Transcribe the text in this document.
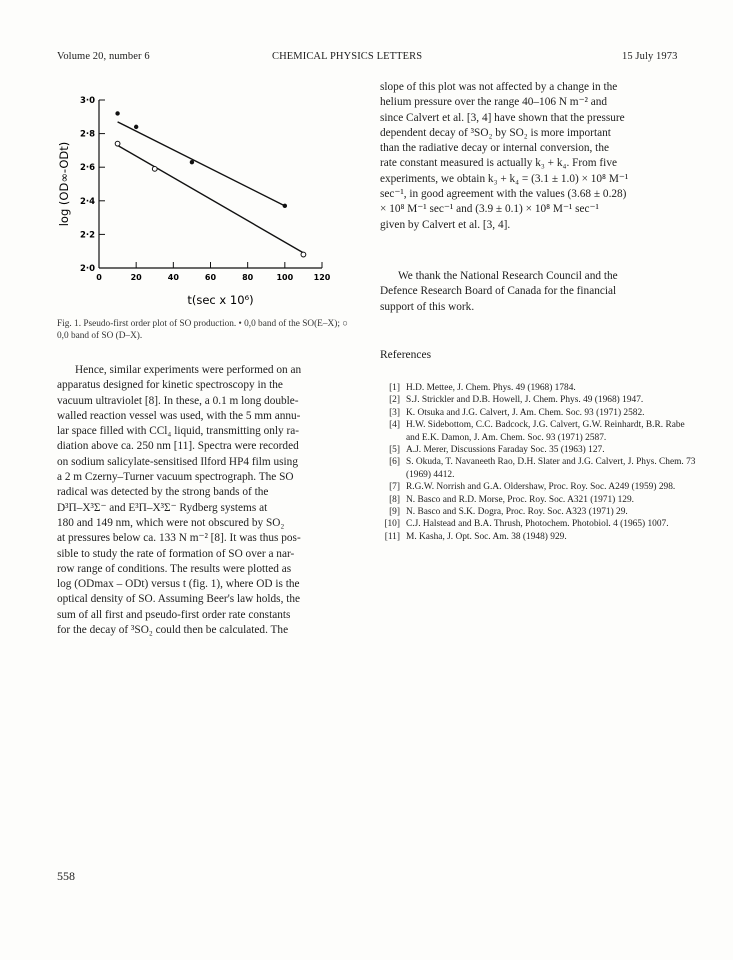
Volume 20, number 6	CHEMICAL PHYSICS LETTERS	15 July 1973
0	20	40	60	80	100	120
2·0
2·2
2·4
2·6
2·8
3·0
t(sec x 10⁶)
log (OD∞-ODt)
Fig. 1. Pseudo-first order plot of SO production. • 0,0 band of the SO(E–X); ○ 0,0 band of SO (D–X).
Hence, similar experiments were performed on an
apparatus designed for kinetic spectroscopy in the
vacuum ultraviolet [8]. In these, a 0.1 m long double-
walled reaction vessel was used, with the 5 mm annu-
lar space filled with CCl₄ liquid, transmitting only ra-
diation above ca. 250 nm [11]. Spectra were recorded
on sodium salicylate-sensitised Ilford HP4 film using
a 2 m Czerny–Turner vacuum spectrograph. The SO
radical was detected by the strong bands of the
D³Π–X³Σ⁻ and E³Π–X³Σ⁻ Rydberg systems at
180 and 149 nm, which were not obscured by SO₂
at pressures below ca. 133 N m⁻² [8]. It was thus pos-
sible to study the rate of formation of SO over a nar-
row range of conditions. The results were plotted as
log (ODmax – ODt) versus t (fig. 1), where OD is the
optical density of SO. Assuming Beer's law holds, the
sum of all first and pseudo-first order rate constants
for the decay of ³SO₂ could then be calculated. The
slope of this plot was not affected by a change in the
helium pressure over the range 40–106 N m⁻² and
since Calvert et al. [3, 4] have shown that the pressure
dependent decay of ³SO₂ by SO₂ is more important
than the radiative decay or internal conversion, the
rate constant measured is actually k₃ + k₄. From five
experiments, we obtain k₃ + k₄ = (3.1 ± 1.0) × 10⁸ M⁻¹
sec⁻¹, in good agreement with the values (3.68 ± 0.28)
× 10⁸ M⁻¹ sec⁻¹ and (3.9 ± 0.1) × 10⁸ M⁻¹ sec⁻¹
given by Calvert et al. [3, 4].
We thank the National Research Council and the
Defence Research Board of Canada for the financial
support of this work.
References
[1] H.D. Mettee, J. Chem. Phys. 49 (1968) 1784.
[2] S.J. Strickler and D.B. Howell, J. Chem. Phys. 49 (1968) 1947.
[3] K. Otsuka and J.G. Calvert, J. Am. Chem. Soc. 93 (1971) 2582.
[4] H.W. Sidebottom, C.C. Badcock, J.G. Calvert, G.W. Reinhardt, B.R. Rabe and E.K. Damon, J. Am. Chem. Soc. 93 (1971) 2587.
[5] A.J. Merer, Discussions Faraday Soc. 35 (1963) 127.
[6] S. Okuda, T. Navaneeth Rao, D.H. Slater and J.G. Calvert, J. Phys. Chem. 73 (1969) 4412.
[7] R.G.W. Norrish and G.A. Oldershaw, Proc. Roy. Soc. A249 (1959) 298.
[8] N. Basco and R.D. Morse, Proc. Roy. Soc. A321 (1971) 129.
[9] N. Basco and S.K. Dogra, Proc. Roy. Soc. A323 (1971) 29.
[10] C.J. Halstead and B.A. Thrush, Photochem. Photobiol. 4 (1965) 1007.
[11] M. Kasha, J. Opt. Soc. Am. 38 (1948) 929.
558
